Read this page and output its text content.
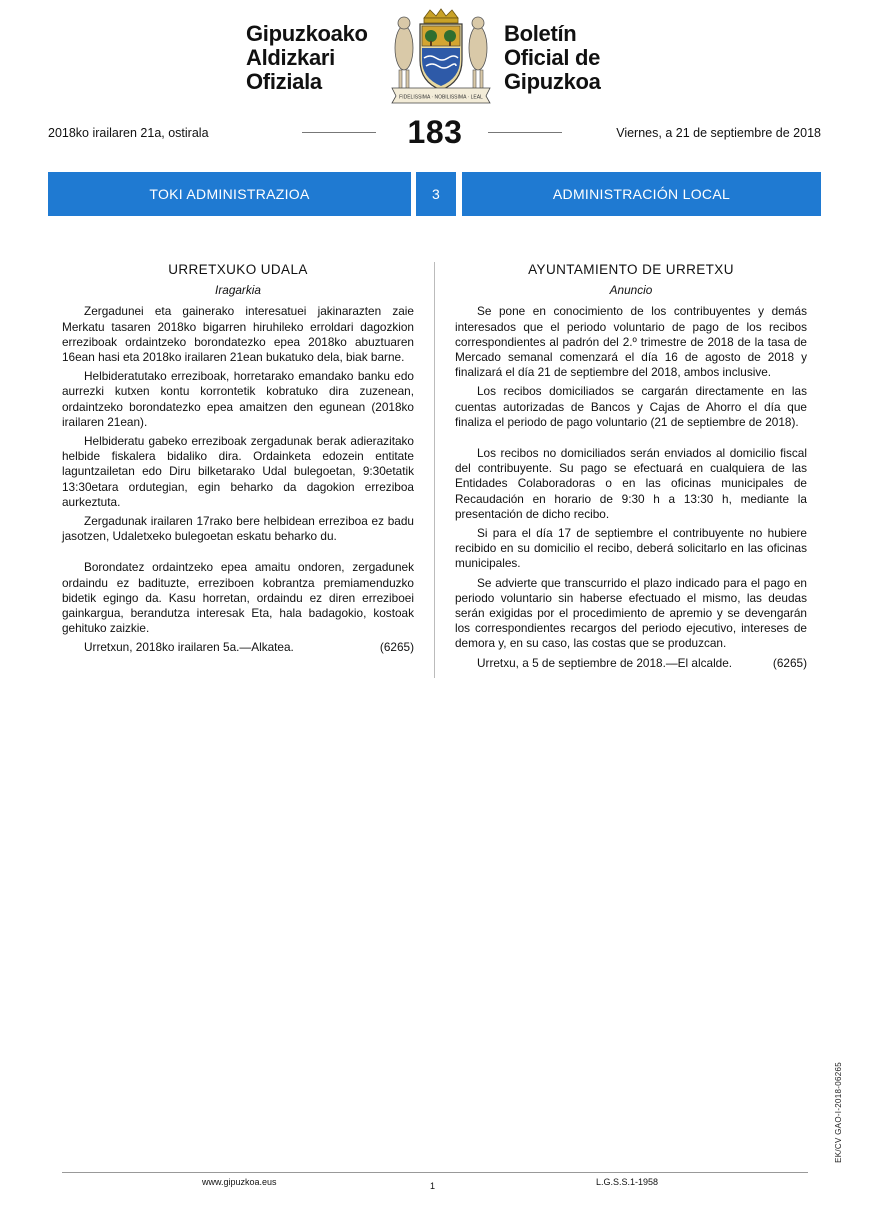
Gipuzkoako
Aldizkari
Ofiziala
FIDELISSIMA · NOBILISSIMA · LEAL
Boletín
Oficial de
Gipuzkoa
2018ko irailaren 21a, ostirala	183	Viernes, a 21 de septiembre de 2018
TOKI ADMINISTRAZIOA	3	ADMINISTRACIÓN LOCAL
URRETXUKO UDALA
Iragarkia

Zergadunei eta gainerako interesatuei jakinarazten zaie Merkatu tasaren 2018ko bigarren hiruhileko erroldari dagozkion erreziboak ordaintzeko borondatezko epea 2018ko abuztuaren 16ean hasi eta 2018ko irailaren 21ean bukatuko dela, biak barne.

Helbideratutako erreziboak, horretarako emandako banku edo aurrezki kutxen kontu korrontetik kobratuko dira zuzenean, ordaintzeko borondatezko epea amaitzen den egunean (2018ko irailaren 21ean).

Helbideratu gabeko erreziboak zergadunak berak adierazitako helbide fiskalera bidaliko dira. Ordainketa edozein entitate laguntzailetan edo Diru bilketarako Udal bulegoetan, 9:30etatik 13:30etara ordutegian, egin beharko da dagokion erreziboa aurkeztuta.

Zergadunak irailaren 17rako bere helbidean erreziboa ez badu jasotzen, Udaletxeko bulegoetan eskatu beharko du.

Borondatez ordaintzeko epea amaitu ondoren, zergadunek ordaindu ez badituzte, erreziboen kobrantza premiamenduzko bidetik egingo da. Kasu horretan, ordaindu ez diren erreziboei gainkargua, berandutza interesak Eta, hala badagokio, kostoak gehituko zaizkie.

Urretxun, 2018ko irailaren 5a.—Alkatea.	(6265)
AYUNTAMIENTO DE URRETXU
Anuncio

Se pone en conocimiento de los contribuyentes y demás interesados que el periodo voluntario de pago de los recibos correspondientes al padrón del 2.º trimestre de 2018 de la tasa de Mercado semanal comenzará el día 16 de agosto de 2018 y finalizará el día 21 de septiembre del 2018, ambos inclusive.

Los recibos domiciliados se cargarán directamente en las cuentas autorizadas de Bancos y Cajas de Ahorro el día que finaliza el periodo de pago voluntario (21 de septiembre de 2018).

Los recibos no domiciliados serán enviados al domicilio fiscal del contribuyente. Su pago se efectuará en cualquiera de las Entidades Colaboradoras o en las oficinas municipales de Recaudación en horario de 9:30 h a 13:30 h, mediante la presentación de dicho recibo.

Si para el día 17 de septiembre el contribuyente no hubiere recibido en su domicilio el recibo, deberá solicitarlo en las oficinas municipales.

Se advierte que transcurrido el plazo indicado para el pago en periodo voluntario sin haberse efectuado el mismo, las deudas serán exigidas por el procedimiento de apremio y se devengarán los correspondientes recargos del periodo ejecutivo, intereses de demora y, en su caso, las costas que se produzcan.

Urretxu, a 5 de septiembre de 2018.—El alcalde.	(6265)
EK/CV GAO-I-2018-06265
www.gipuzkoa.eus	1	L.G.S.S.1-1958
